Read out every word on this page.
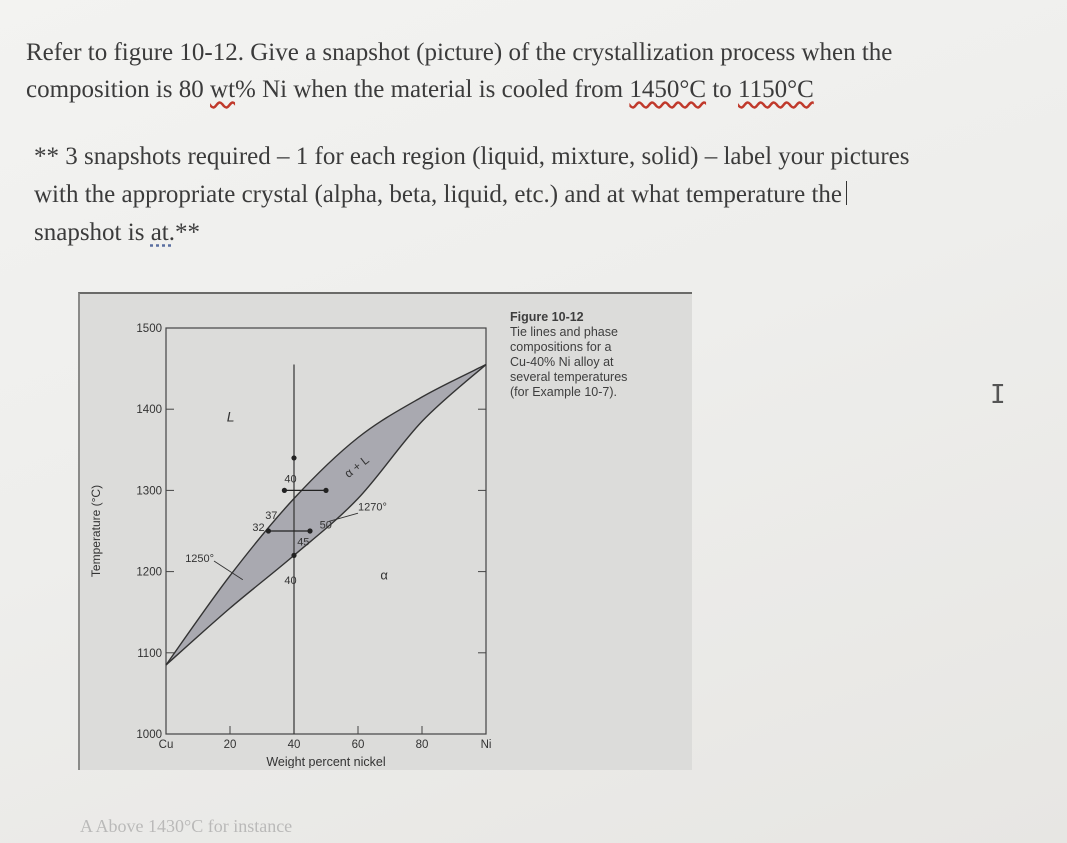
Refer to figure 10-12. Give a snapshot (picture) of the crystallization process when the
composition is 80 wt% Ni when the material is cooled from 1450°C to 1150°C
** 3 snapshots required – 1 for each region (liquid, mixture, solid) – label your pictures
with the appropriate crystal (alpha, beta, liquid, etc.) and at what temperature the
snapshot is at.**
1000
1100
1200
1300
1400
1500
Cu	20	40	60	80	Ni
Weight percent nickel
Temperature (°C)
L
α + L
α
1250°
1270°
32
37
40
45
50
40
Figure 10-12
Tie lines and phase
compositions for a
Cu-40% Ni alloy at
several temperatures
(for Example 10-7).	I
A Above 1430°C for instance
